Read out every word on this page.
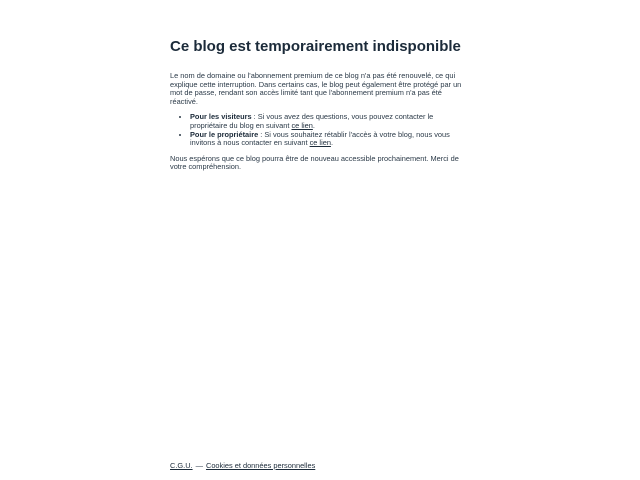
Ce blog est temporairement indisponible

Le nom de domaine ou l'abonnement premium de ce blog n'a pas été renouvelé, ce qui explique cette interruption. Dans certains cas, le blog peut également être protégé par un mot de passe, rendant son accès limité tant que l'abonnement premium n'a pas été réactivé.

• Pour les visiteurs : Si vous avez des questions, vous pouvez contacter le propriétaire du blog en suivant ce lien.
• Pour le propriétaire : Si vous souhaitez rétablir l'accès à votre blog, nous vous invitons à nous contacter en suivant ce lien.

Nous espérons que ce blog pourra être de nouveau accessible prochainement. Merci de votre compréhension.

C.G.U. — Cookies et données personnelles
